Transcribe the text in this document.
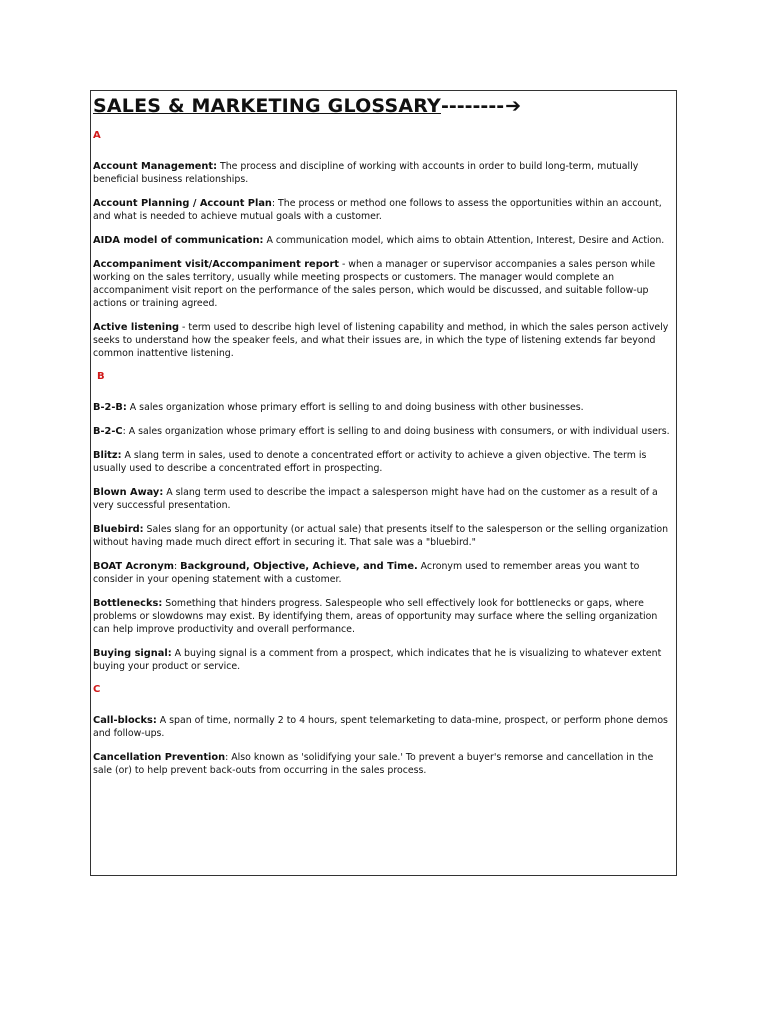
SALES & MARKETING GLOSSARY -------- ➔
A

Account Management: The process and discipline of working with accounts in order to build long-term, mutually beneficial business relationships.

Account Planning / Account Plan: The process or method one follows to assess the opportunities within an account, and what is needed to achieve mutual goals with a customer.

AIDA model of communication: A communication model, which aims to obtain Attention, Interest, Desire and Action.

Accompaniment visit/Accompaniment report - when a manager or supervisor accompanies a sales person while working on the sales territory, usually while meeting prospects or customers. The manager would complete an accompaniment visit report on the performance of the sales person, which would be discussed, and suitable follow-up actions or training agreed.

Active listening - term used to describe high level of listening capability and method, in which the sales person actively seeks to understand how the speaker feels, and what their issues are, in which the type of listening extends far beyond common inattentive listening.

B

B-2-B: A sales organization whose primary effort is selling to and doing business with other businesses.

B-2-C: A sales organization whose primary effort is selling to and doing business with consumers, or with individual users.

Blitz: A slang term in sales, used to denote a concentrated effort or activity to achieve a given objective. The term is usually used to describe a concentrated effort in prospecting.

Blown Away: A slang term used to describe the impact a salesperson might have had on the customer as a result of a very successful presentation.

Bluebird: Sales slang for an opportunity (or actual sale) that presents itself to the salesperson or the selling organization without having made much direct effort in securing it. That sale was a "bluebird."

BOAT Acronym: Background, Objective, Achieve, and Time. Acronym used to remember areas you want to consider in your opening statement with a customer.

Bottlenecks: Something that hinders progress. Salespeople who sell effectively look for bottlenecks or gaps, where problems or slowdowns may exist. By identifying them, areas of opportunity may surface where the selling organization can help improve productivity and overall performance.

Buying signal: A buying signal is a comment from a prospect, which indicates that he is visualizing to whatever extent buying your product or service.

C

Call-blocks: A span of time, normally 2 to 4 hours, spent telemarketing to data-mine, prospect, or perform phone demos and follow-ups.

Cancellation Prevention: Also known as 'solidifying your sale.' To prevent a buyer's remorse and cancellation in the sale (or) to help prevent back-outs from occurring in the sales process.
